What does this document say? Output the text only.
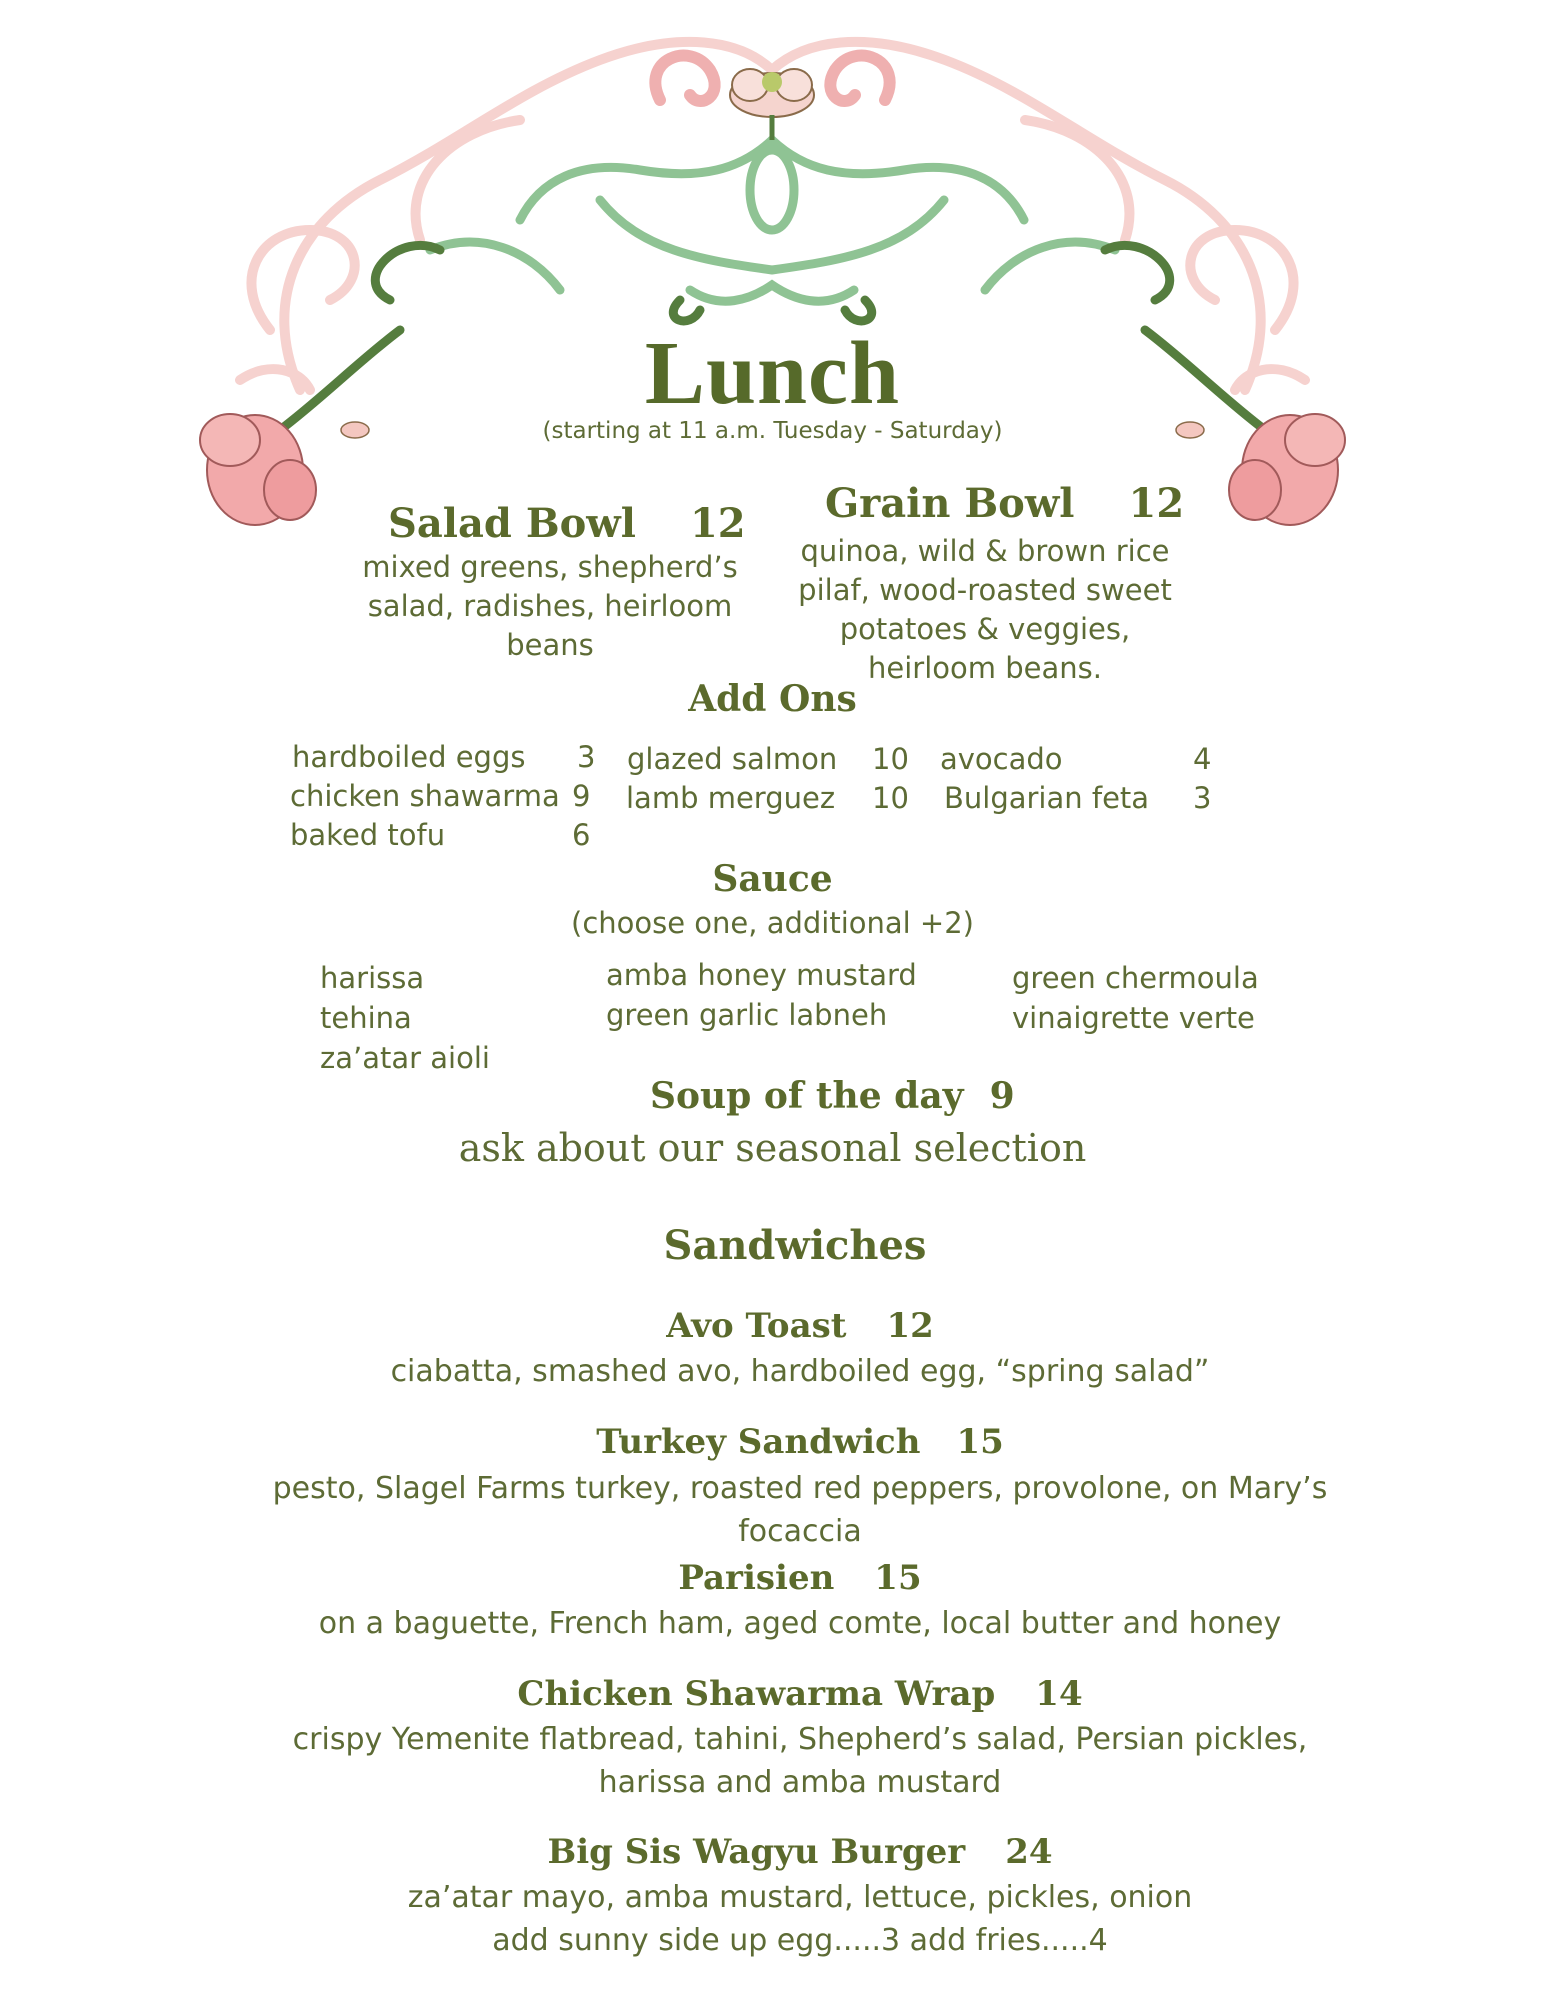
Lunch
(starting at 11 a.m. Tuesday - Saturday)
Salad Bowl 12
mixed greens, shepherd’s salad, radishes, heirloom beans
Grain Bowl 12
quinoa, wild & brown rice pilaf, wood-roasted sweet potatoes & veggies, heirloom beans.
Add Ons
hardboiled eggs 3
chicken shawarma 9
baked tofu	6
glazed salmon 10
lamb merguez 10
avocado	4
Bulgarian feta 3
Sauce
(choose one, additional +2)
harissa
tehina
za’atar aioli
amba honey mustard
green garlic labneh
green chermoula
vinaigrette verte
Soup of the day 9
ask about our seasonal selection
Sandwiches
Avo Toast 12
ciabatta, smashed avo, hardboiled egg, “spring salad”
Turkey Sandwich 15
pesto, Slagel Farms turkey, roasted red peppers, provolone, on Mary’s
focaccia
Parisien 15
on a baguette, French ham, aged comte, local butter and honey
Chicken Shawarma Wrap 14
crispy Yemenite flatbread, tahini, Shepherd’s salad, Persian pickles,
harissa and amba mustard
Big Sis Wagyu Burger 24
za’atar mayo, amba mustard, lettuce, pickles, onion
add sunny side up egg.....3 add fries.....4
